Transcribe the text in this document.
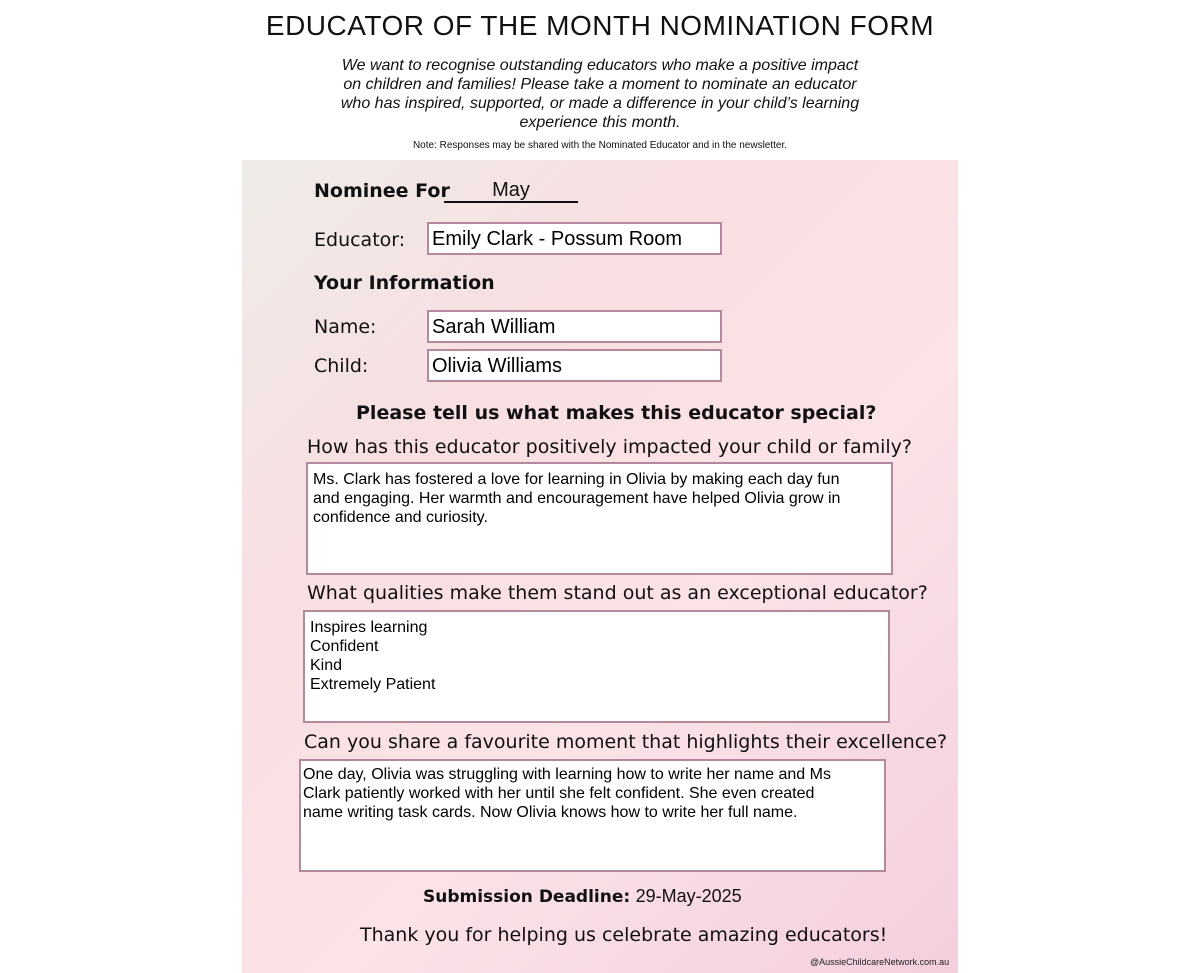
EDUCATOR OF THE MONTH NOMINATION FORM
We want to recognise outstanding educators who make a positive impact on children and families! Please take a moment to nominate an educator who has inspired, supported, or made a difference in your child’s learning experience this month.
Note: Responses may be shared with the Nominated Educator and in the newsletter.
Nominee For	May
Educator: Emily Clark - Possum Room
Your Information
Name:	Sarah William
Child:	Olivia Williams
Please tell us what makes this educator special?
How has this educator positively impacted your child or family?
Ms. Clark has fostered a love for learning in Olivia by making each day fun
and engaging. Her warmth and encouragement have helped Olivia grow in
confidence and curiosity.
What qualities make them stand out as an exceptional educator?
Inspires learning
Confident
Kind
Extremely Patient
Can you share a favourite moment that highlights their excellence?
One day, Olivia was struggling with learning how to write her name and Ms
Clark patiently worked with her until she felt confident. She even created
name writing task cards. Now Olivia knows how to write her full name.
Submission Deadline: 29-May-2025
Thank you for helping us celebrate amazing educators!
@AussieChildcareNetwork.com.au
